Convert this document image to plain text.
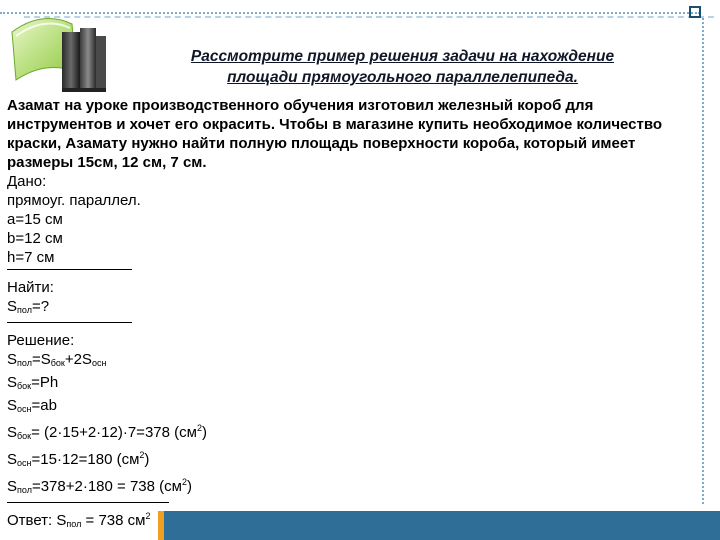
Рассмотрите пример решения задачи на нахождение
площади прямоугольного параллелепипеда.
Азамат на уроке производственного обучения изготовил железный короб для
инструментов и хочет его окрасить. Чтобы в магазине купить необходимое количество
краски, Азамату нужно найти полную площадь поверхности короба, который имеет
размеры 15см, 12 см, 7 см.
Дано:
прямоуг. параллел.
a=15 см
b=12 см
h=7 см
Найти:
$S_{пол}=$?
Решение:
$S_{пол}=S_{бок}+2S_{осн}$
$S_{бок}=Ph$
$S_{осн}=ab$
$S_{бок}= (2\cdot 15+2\cdot 12)\cdot 7=378$ $(см^2)$
$S_{осн}=15\cdot 12=180$ $(см^2)$
$S_{пол}=378+2\cdot 180 = 738$ $(см^2)$
Ответ: $S_{пол} = 738$ $см^2$
